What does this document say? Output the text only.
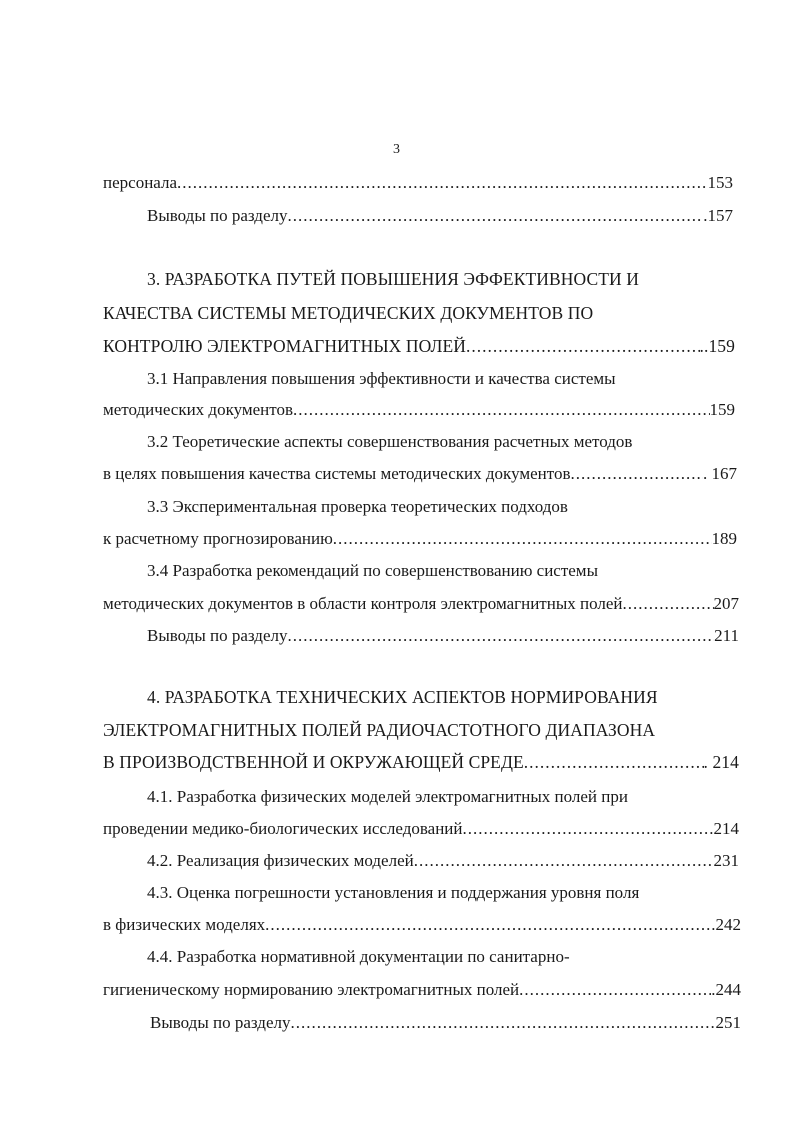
3
персонала .....	153
Выводы по разделу .....	.157
3. РАЗРАБОТКА ПУТЕЙ ПОВЫШЕНИЯ ЭФФЕКТИВНОСТИ И
КАЧЕСТВА СИСТЕМЫ МЕТОДИЧЕСКИХ ДОКУМЕНТОВ ПО
КОНТРОЛЮ ЭЛЕКТРОМАГНИТНЫХ ПОЛЕЙ .....	..159
3.1 Направления повышения эффективности и качества системы
методических документов .....	159
3.2 Теоретические аспекты совершенствования расчетных методов
в целях повышения качества системы методических документов .....	. 167
3.3 Экспериментальная проверка теоретических подходов
к расчетному прогнозированию .....	189
3.4 Разработка рекомендаций по совершенствованию системы
методических документов в области контроля электромагнитных полей .....	207
Выводы по разделу .....	211
4. РАЗРАБОТКА ТЕХНИЧЕСКИХ АСПЕКТОВ НОРМИРОВАНИЯ
ЭЛЕКТРОМАГНИТНЫХ ПОЛЕЙ РАДИОЧАСТОТНОГО ДИАПАЗОНА
В ПРОИЗВОДСТВЕННОЙ И ОКРУЖАЮЩЕЙ СРЕДЕ .....	. 214
4.1. Разработка физических моделей электромагнитных полей при
проведении медико-биологических исследований .....	214
4.2. Реализация физических моделей .....	231
4.3. Оценка погрешности установления и поддержания уровня поля
в физических моделях .....	.242
4.4. Разработка нормативной документации по санитарно-
гигиеническому нормированию электромагнитных полей .....	.244
Выводы по разделу .....	251
